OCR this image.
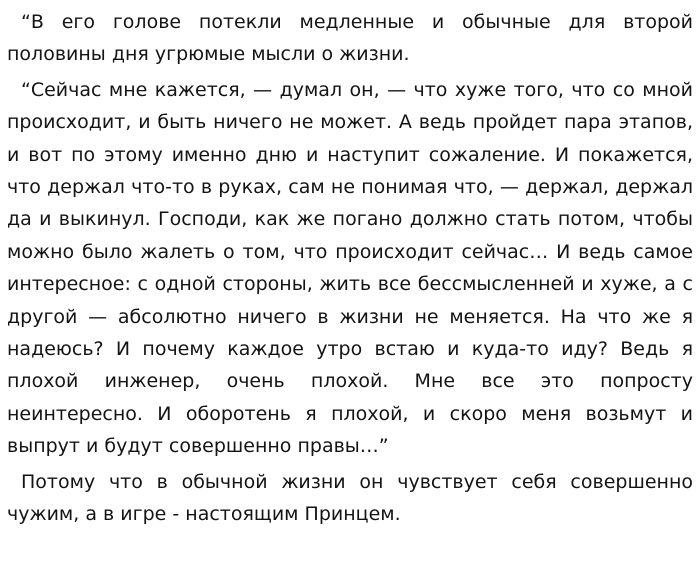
“В его голове потекли медленные и обычные для второй половины дня угрюмые мысли о жизни.

“Сейчас мне кажется, — думал он, — что хуже того, что со мной происходит, и быть ничего не может. А ведь пройдет пара этапов, и вот по этому именно дню и наступит сожаление. И покажется, что держал что-то в руках, сам не понимая что, — держал, держал да и выкинул. Господи, как же погано должно стать потом, чтобы можно было жалеть о том, что происходит сейчас… И ведь самое интересное: с одной стороны, жить все бессмысленней и хуже, а с другой — абсолютно ничего в жизни не меняется. На что же я надеюсь? И почему каждое утро встаю и куда-то иду? Ведь я плохой инженер, очень плохой. Мне все это попросту неинтересно. И оборотень я плохой, и скоро меня возьмут и выпрут и будут совершенно правы…”

Потому что в обычной жизни он чувствует себя совершенно чужим, а в игре - настоящим Принцем.
